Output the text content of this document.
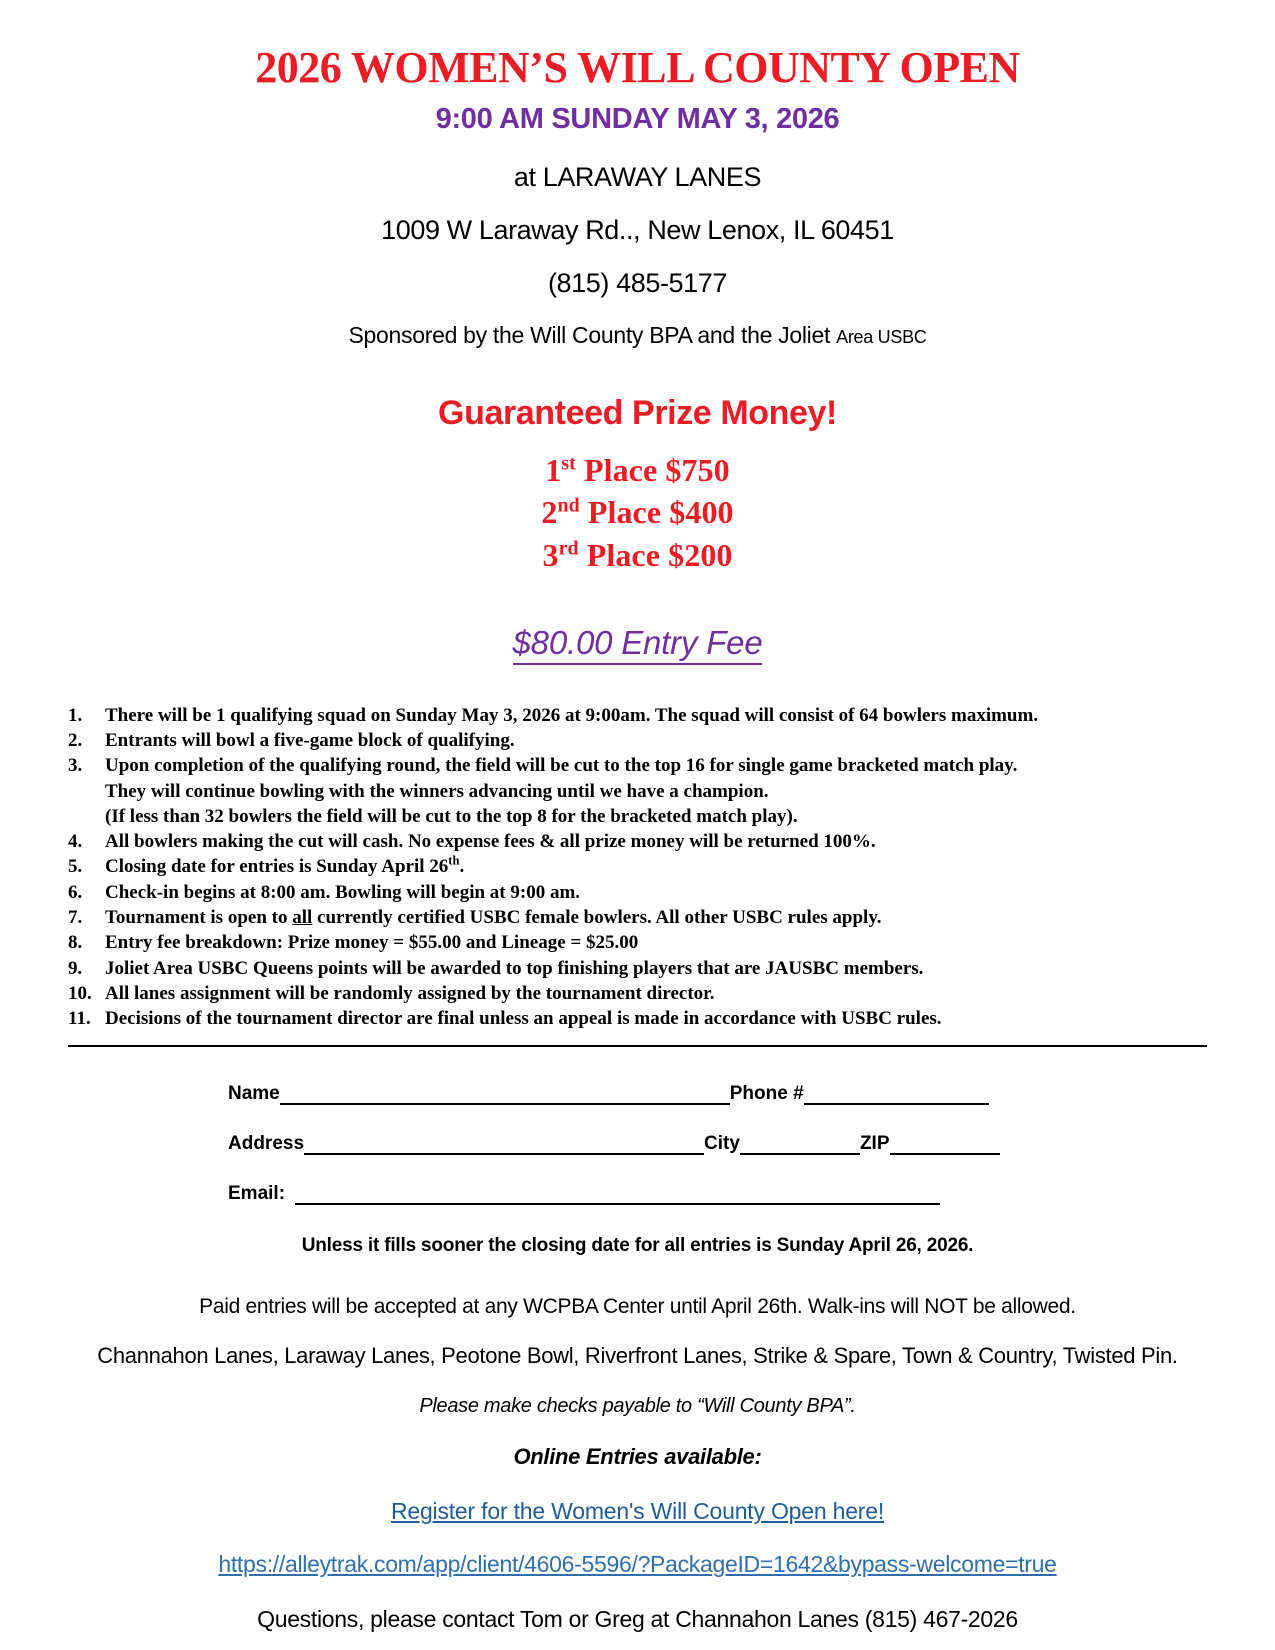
2026 WOMEN’S WILL COUNTY OPEN
9:00 AM SUNDAY MAY 3, 2026
at LARAWAY LANES
1009 W Laraway Rd.., New Lenox, IL 60451
(815) 485-5177
Sponsored by the Will County BPA and the Joliet Area USBC
Guaranteed Prize Money!
1st Place $750
2nd Place $400
3rd Place $200
$80.00 Entry Fee
1.	There will be 1 qualifying squad on Sunday May 3, 2026 at 9:00am. The squad will consist of 64 bowlers maximum.
2.	Entrants will bowl a five-game block of qualifying.
3.	Upon completion of the qualifying round, the field will be cut to the top 16 for single game bracketed match play.
They will continue bowling with the winners advancing until we have a champion.
(If less than 32 bowlers the field will be cut to the top 8 for the bracketed match play).
4.	All bowlers making the cut will cash. No expense fees & all prize money will be returned 100%.
5.	Closing date for entries is Sunday April 26th.
6.	Check-in begins at 8:00 am. Bowling will begin at 9:00 am.
7.	Tournament is open to all currently certified USBC female bowlers. All other USBC rules apply.
8.	Entry fee breakdown: Prize money = $55.00 and Lineage = $25.00
9.	Joliet Area USBC Queens points will be awarded to top finishing players that are JAUSBC members.
10. All lanes assignment will be randomly assigned by the tournament director.
11. Decisions of the tournament director are final unless an appeal is made in accordance with USBC rules.
Name	Phone #
Address	City	ZIP
Email:
Unless it fills sooner the closing date for all entries is Sunday April 26, 2026.
Paid entries will be accepted at any WCPBA Center until April 26th. Walk-ins will NOT be allowed.
Channahon Lanes, Laraway Lanes, Peotone Bowl, Riverfront Lanes, Strike & Spare, Town & Country, Twisted Pin.
Please make checks payable to “Will County BPA”.
Online Entries available:
Register for the Women's Will County Open here!
https://alleytrak.com/app/client/4606-5596/?PackageID=1642&bypass-welcome=true
Questions, please contact Tom or Greg at Channahon Lanes (815) 467-2026
